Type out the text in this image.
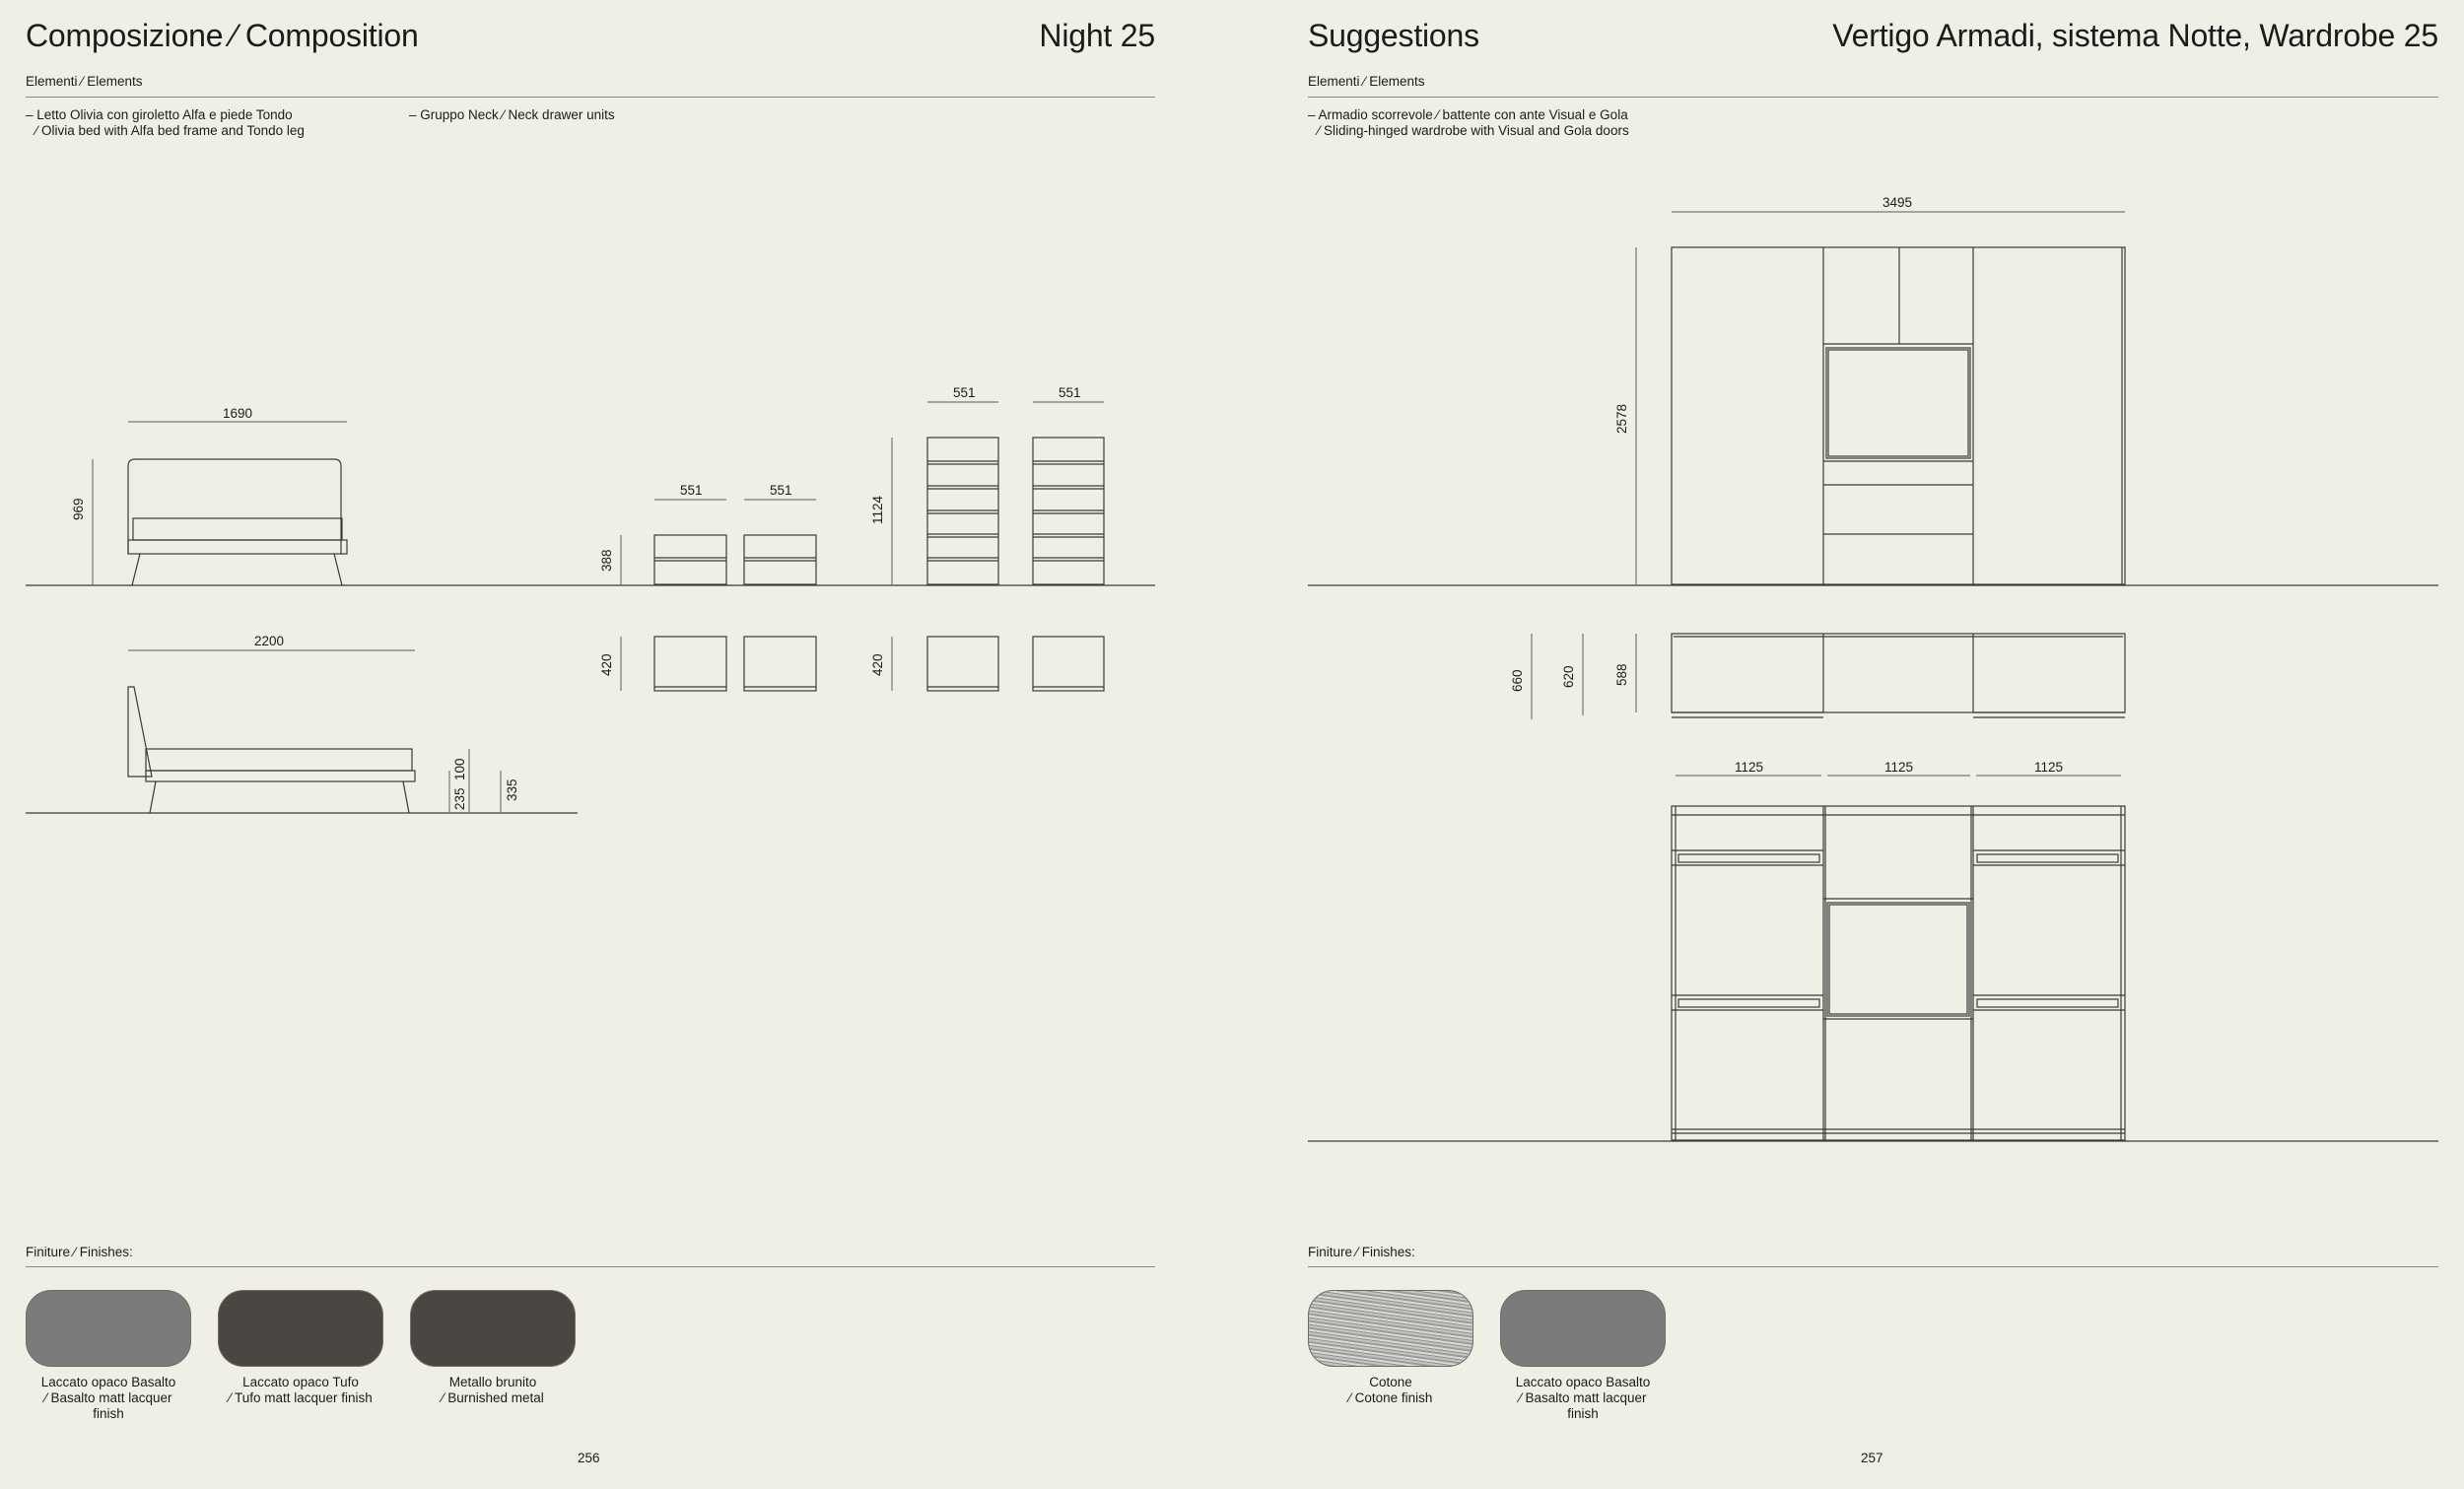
Composizione ⁄ Composition	Night 25
Elementi ⁄ Elements
– Letto Olivia con giroletto Alfa e piede Tondo
⁄ Olivia bed with Alfa bed frame and Tondo leg
– Gruppo Neck ⁄ Neck drawer units
1690
969
2200
235
100
335
551	551
388
420
551	551
1124
420
Finiture ⁄ Finishes:
Laccato opaco Basalto
⁄ Basalto matt lacquer
finish
Laccato opaco Tufo
⁄ Tufo matt lacquer finish
Metallo brunito
⁄ Burnished metal
256
Suggestions	Vertigo Armadi, sistema Notte, Wardrobe 25
Elementi ⁄ Elements
– Armadio scorrevole ⁄ battente con ante Visual e Gola
⁄ Sliding-hinged wardrobe with Visual and Gola doors
3495
2578
660	620	588
1125	1125	1125
Finiture ⁄ Finishes:
Cotone
⁄ Cotone finish
Laccato opaco Basalto
⁄ Basalto matt lacquer
finish
257
